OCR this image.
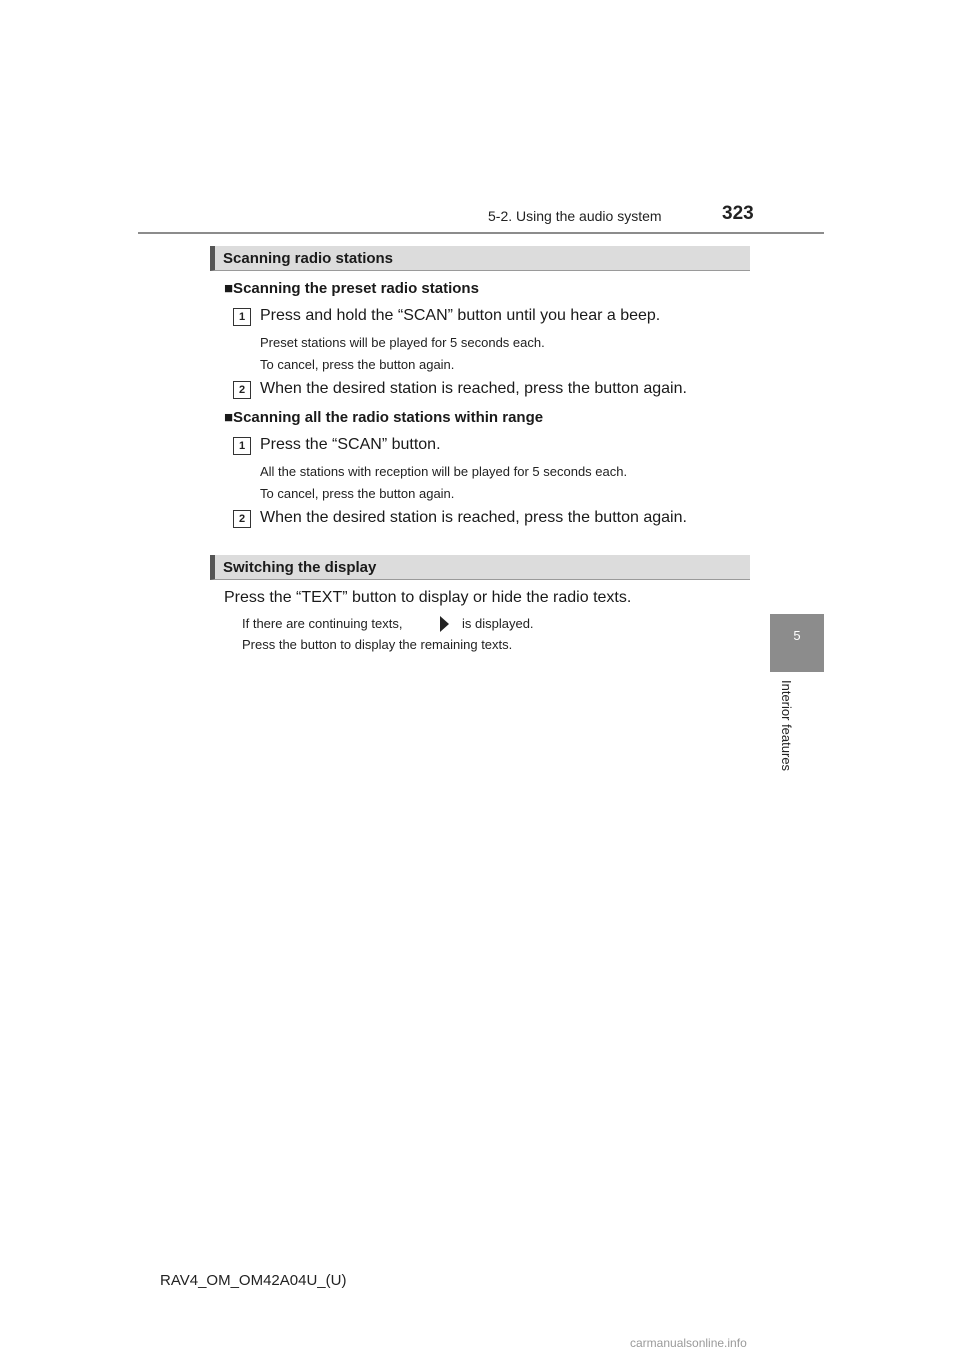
5-2. Using the audio system	323
5
Interior features
Scanning radio stations
■Scanning the preset radio stations
1 Press and hold the “SCAN” button until you hear a beep.
Preset stations will be played for 5 seconds each.
To cancel, press the button again.
2 When the desired station is reached, press the button again.
■Scanning all the radio stations within range
1 Press the “SCAN” button.
All the stations with reception will be played for 5 seconds each.
To cancel, press the button again.
2 When the desired station is reached, press the button again.
Switching the display
Press the “TEXT” button to display or hide the radio texts.
If there are continuing texts,	is displayed.
Press the button to display the remaining texts.
RAV4_OM_OM42A04U_(U)
carmanualsonline.info
